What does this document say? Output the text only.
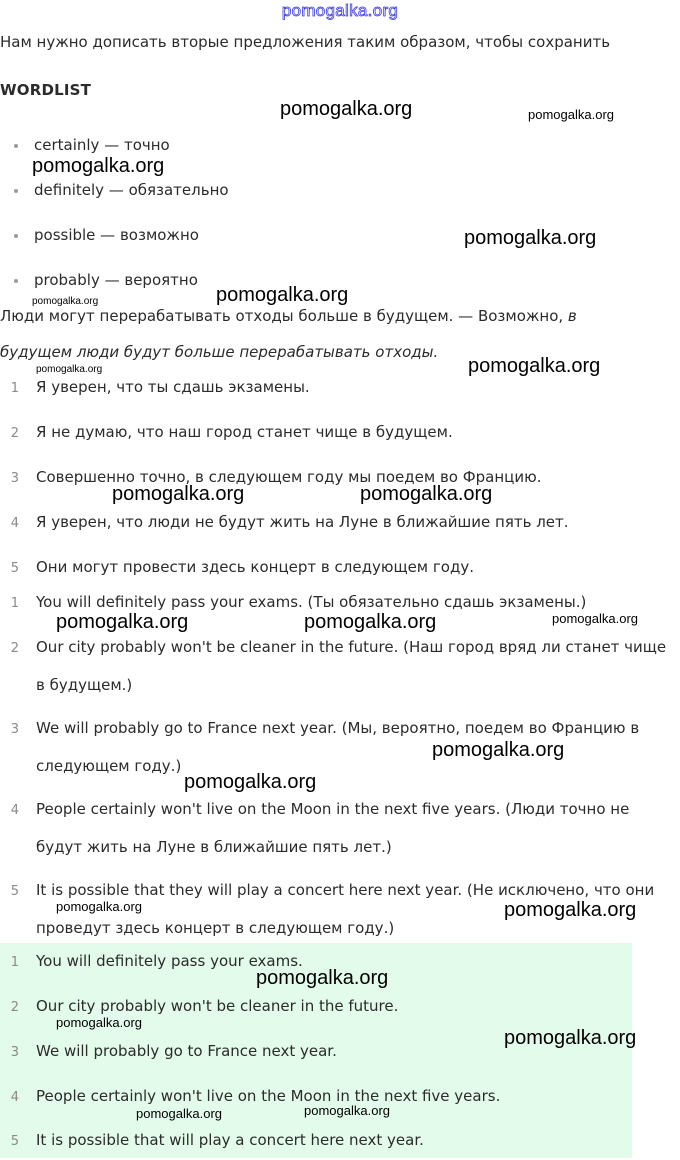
pomogalka.org
Нам нужно дописать вторые предложения таким образом, чтобы сохранить
WORDLIST
certainly — точно
definitely — обязательно
possible — возможно
probably — вероятно
Люди могут перерабатывать отходы больше в будущем. — Возможно, в
будущем люди будут больше перерабатывать отходы.
1 Я уверен, что ты сдашь экзамены.
2 Я не думаю, что наш город станет чище в будущем.
3 Совершенно точно, в следующем году мы поедем во Францию.
4 Я уверен, что люди не будут жить на Луне в ближайшие пять лет.
5 Они могут провести здесь концерт в следующем году.
1 You will definitely pass your exams. (Ты обязательно сдашь экзамены.)
2 Our city probably won't be cleaner in the future. (Наш город вряд ли станет чище в будущем.)
3 We will probably go to France next year. (Мы, вероятно, поедем во Францию в следующем году.)
4 People certainly won't live on the Moon in the next five years. (Люди точно не будут жить на Луне в ближайшие пять лет.)
5 It is possible that they will play a concert here next year. (Не исключено, что они проведут здесь концерт в следующем году.)
1 You will definitely pass your exams.
2 Our city probably won't be cleaner in the future.
3 We will probably go to France next year.
4 People certainly won't live on the Moon in the next five years.
5 It is possible that will play a concert here next year.
pomogalka.org	pomogalka.org
pomogalka.org
pomogalka.org
pomogalka.org
pomogalka.org
pomogalka.org	pomogalka.org
pomogalka.org	pomogalka.org
pomogalka.org	pomogalka.org	pomogalka.org
pomogalka.org
pomogalka.org
pomogalka.org	pomogalka.org
pomogalka.org
pomogalka.org
pomogalka.org
pomogalka.org	pomogalka.org
